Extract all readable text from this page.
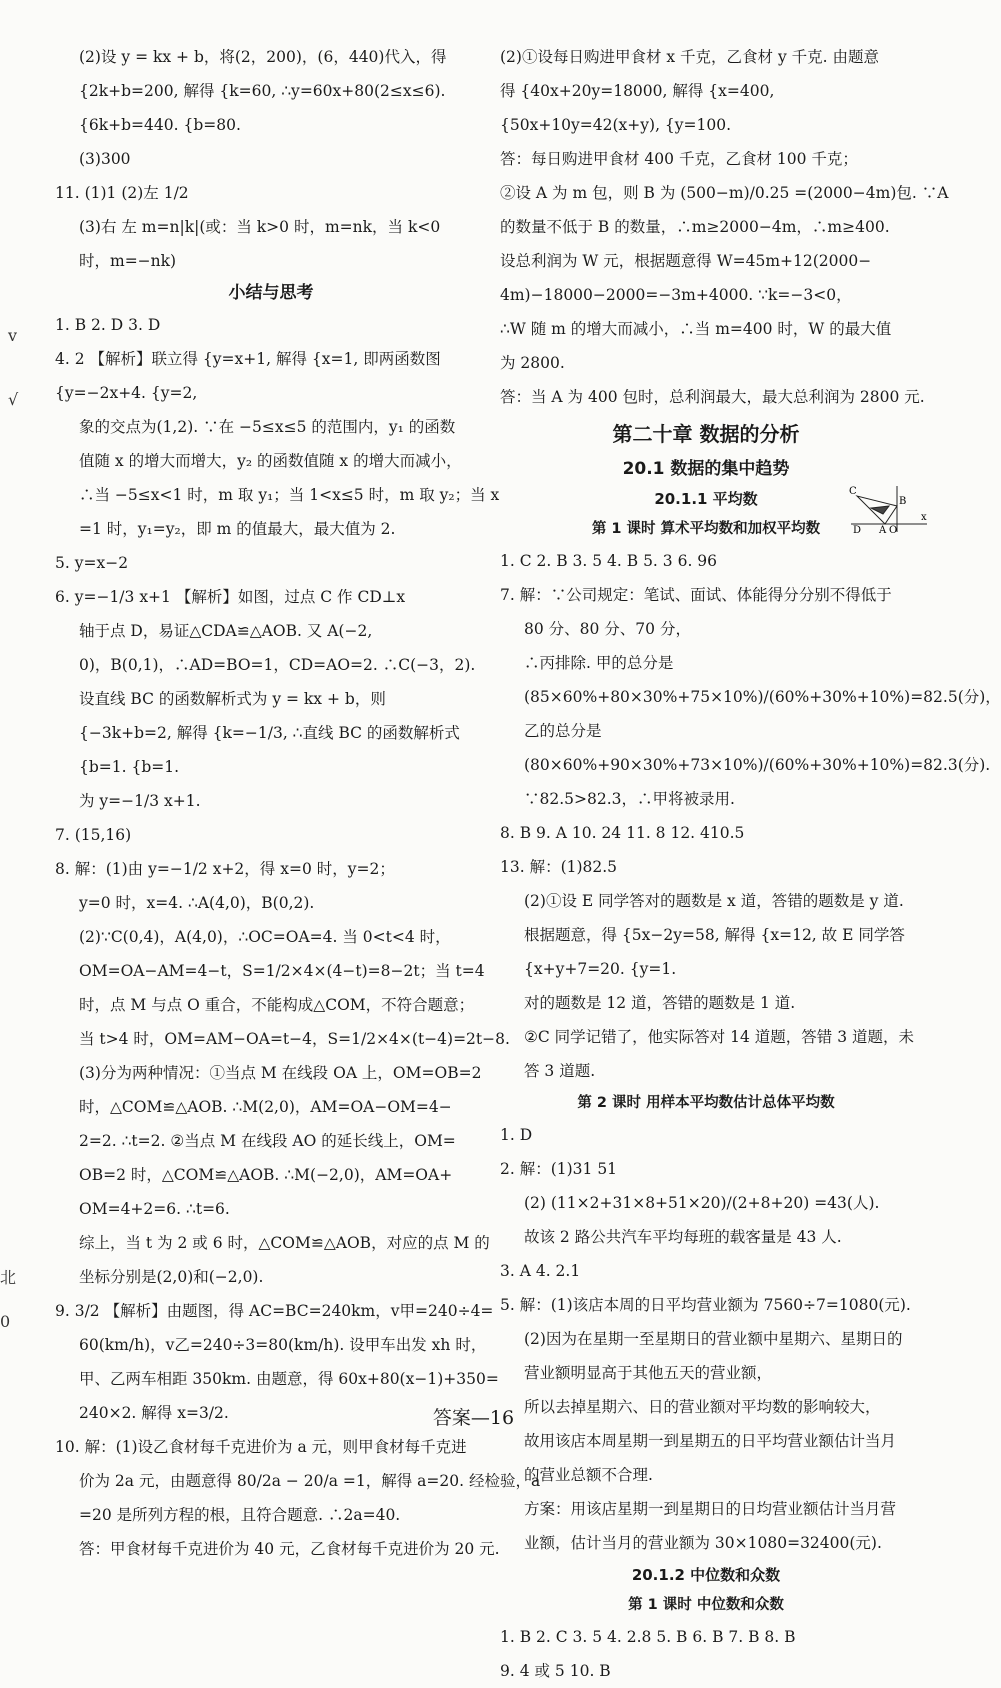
(2)设 y = kx + b，将(2，200)，(6，440)代入，得
{2k+b=200, 解得 {k=60, ∴y=60x+80(2≤x≤6).
{6k+b=440. {b=80.
(3)300
11. (1)1 (2)左 1/2
(3)右 左 m=n|k|(或：当 k>0 时，m=nk，当 k<0
时，m=−nk)
小结与思考
1. B 2. D 3. D
4. 2 【解析】联立得 {y=x+1, 解得 {x=1, 即两函数图
{y=−2x+4. {y=2,
象的交点为(1,2). ∵在 −5≤x≤5 的范围内，y₁ 的函数
值随 x 的增大而增大，y₂ 的函数值随 x 的增大而减小，
∴当 −5≤x<1 时，m 取 y₁；当 1<x≤5 时，m 取 y₂；当 x
=1 时，y₁=y₂，即 m 的值最大，最大值为 2.
5. y=x−2
6. y=−1/3 x+1 【解析】如图，过点 C 作 CD⊥x
轴于点 D，易证△CDA≌△AOB. 又 A(−2,
0)，B(0,1)，∴AD=BO=1，CD=AO=2. ∴C(−3，2).
设直线 BC 的函数解析式为 y = kx + b，则
{−3k+b=2, 解得 {k=−1/3, ∴直线 BC 的函数解析式
{b=1. {b=1.
为 y=−1/3 x+1.
7. (15,16)
8. 解：(1)由 y=−1/2 x+2，得 x=0 时，y=2；
y=0 时，x=4. ∴A(4,0)，B(0,2).
(2)∵C(0,4)，A(4,0)，∴OC=OA=4. 当 0<t<4 时，
OM=OA−AM=4−t，S=1/2×4×(4−t)=8−2t；当 t=4
时，点 M 与点 O 重合，不能构成△COM，不符合题意；
当 t>4 时，OM=AM−OA=t−4，S=1/2×4×(t−4)=2t−8.
(3)分为两种情况：①当点 M 在线段 OA 上，OM=OB=2
时，△COM≌△AOB. ∴M(2,0)，AM=OA−OM=4−
2=2. ∴t=2. ②当点 M 在线段 AO 的延长线上，OM=
OB=2 时，△COM≌△AOB. ∴M(−2,0)，AM=OA+
OM=4+2=6. ∴t=6.
综上，当 t 为 2 或 6 时，△COM≌△AOB，对应的点 M 的
坐标分别是(2,0)和(−2,0).
9. 3/2 【解析】由题图，得 AC=BC=240km，v甲=240÷4=
60(km/h)，v乙=240÷3=80(km/h). 设甲车出发 xh 时，
甲、乙两车相距 350km. 由题意，得 60x+80(x−1)+350=
240×2. 解得 x=3/2.
10. 解：(1)设乙食材每千克进价为 a 元，则甲食材每千克进
价为 2a 元，由题意得 80/2a − 20/a =1，解得 a=20. 经检验，a
=20 是所列方程的根，且符合题意. ∴2a=40.
答：甲食材每千克进价为 40 元，乙食材每千克进价为 20 元.
(2)①设每日购进甲食材 x 千克，乙食材 y 千克. 由题意
得 {40x+20y=18000, 解得 {x=400,
{50x+10y=42(x+y), {y=100.
答：每日购进甲食材 400 千克，乙食材 100 千克；
②设 A 为 m 包，则 B 为 (500−m)/0.25 =(2000−4m)包. ∵A
的数量不低于 B 的数量，∴m≥2000−4m，∴m≥400.
设总利润为 W 元，根据题意得 W=45m+12(2000−
4m)−18000−2000=−3m+4000. ∵k=−3<0，
∴W 随 m 的增大而减小，∴当 m=400 时，W 的最大值
为 2800.
答：当 A 为 400 包时，总利润最大，最大总利润为 2800 元.
第二十章 数据的分析
20.1 数据的集中趋势
20.1.1 平均数
第 1 课时 算术平均数和加权平均数
1. C 2. B 3. 5 4. B 5. 3 6. 96
7. 解：∵公司规定：笔试、面试、体能得分分别不得低于
80 分、80 分、70 分，
∴丙排除. 甲的总分是
(85×60%+80×30%+75×10%)/(60%+30%+10%)=82.5(分)，
乙的总分是
(80×60%+90×30%+73×10%)/(60%+30%+10%)=82.3(分).
∵82.5>82.3，∴甲将被录用.
8. B 9. A 10. 24 11. 8 12. 410.5
13. 解：(1)82.5
(2)①设 E 同学答对的题数是 x 道，答错的题数是 y 道.
根据题意，得 {5x−2y=58, 解得 {x=12, 故 E 同学答
{x+y+7=20. {y=1.
对的题数是 12 道，答错的题数是 1 道.
②C 同学记错了，他实际答对 14 道题，答错 3 道题，未
答 3 道题.
第 2 课时 用样本平均数估计总体平均数
1. D
2. 解：(1)31 51
(2) (11×2+31×8+51×20)/(2+8+20) =43(人).
故该 2 路公共汽车平均每班的载客量是 43 人.
3. A 4. 2.1
5. 解：(1)该店本周的日平均营业额为 7560÷7=1080(元).
(2)因为在星期一至星期日的营业额中星期六、星期日的
营业额明显高于其他五天的营业额，
所以去掉星期六、日的营业额对平均数的影响较大，
故用该店本周星期一到星期五的日平均营业额估计当月
的营业总额不合理.
方案：用该店星期一到星期日的日均营业额估计当月营
业额，估计当月的营业额为 30×1080=32400(元).
20.1.2 中位数和众数
第 1 课时 中位数和众数
1. B 2. C 3. 5 4. 2.8 5. B 6. B 7. B 8. B
9. 4 或 5 10. B
C
B
D A O
x
v
√
北
0
答案—16
